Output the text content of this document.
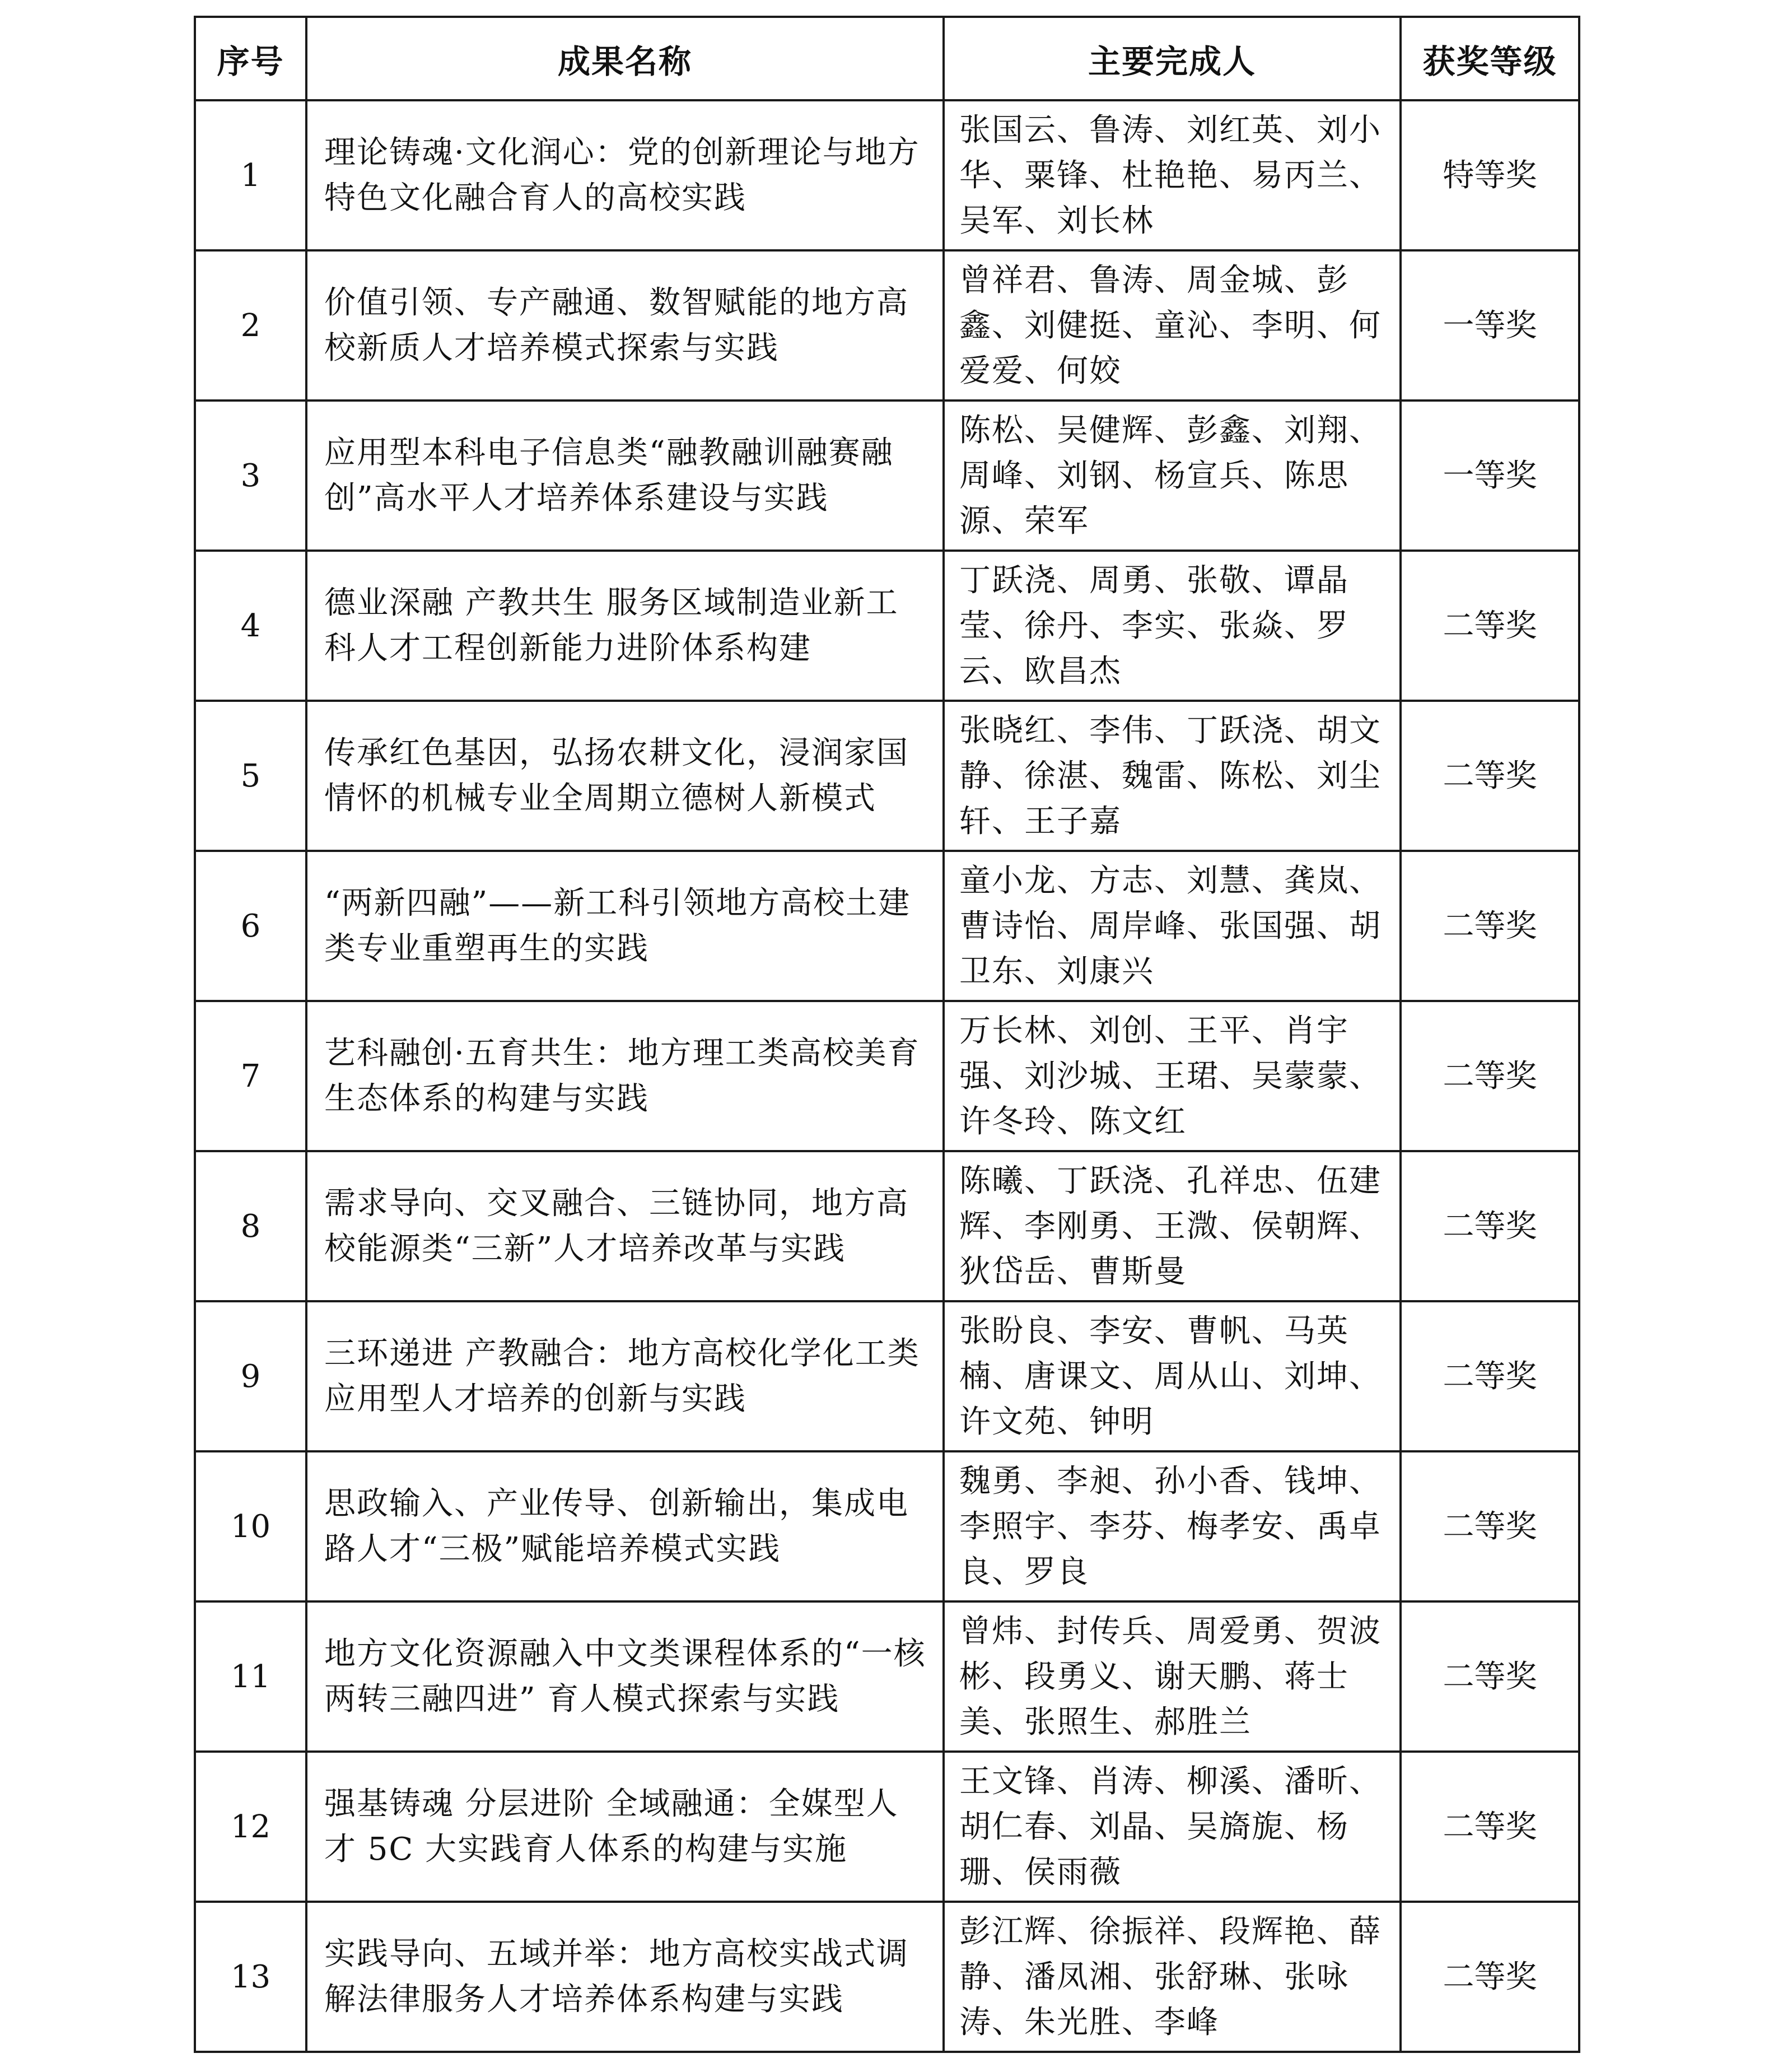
序号	成果名称	主要完成人	获奖等级
1	理论铸魂·文化润心：党的创新理论与地方特色文化融合育人的高校实践	张国云、鲁涛、刘红英、刘小华、粟锋、杜艳艳、易丙兰、吴军、刘长林	特等奖
2	价值引领、专产融通、数智赋能的地方高校新质人才培养模式探索与实践	曾祥君、鲁涛、周金城、彭鑫、刘健挺、童沁、李明、何爱爱、何姣	一等奖
3	应用型本科电子信息类“融教融训融赛融创”高水平人才培养体系建设与实践	陈松、吴健辉、彭鑫、刘翔、周峰、刘钢、杨宣兵、陈思源、荣军	一等奖
4	德业深融 产教共生 服务区域制造业新工科人才工程创新能力进阶体系构建	丁跃浇、周勇、张敬、谭晶莹、徐丹、李实、张焱、罗云、欧昌杰	二等奖
5	传承红色基因，弘扬农耕文化，浸润家国情怀的机械专业全周期立德树人新模式	张晓红、李伟、丁跃浇、胡文静、徐湛、魏雷、陈松、刘尘轩、王子嘉	二等奖
6	“两新四融”——新工科引领地方高校土建类专业重塑再生的实践	童小龙、方志、刘慧、龚岚、曹诗怡、周岸峰、张国强、胡卫东、刘康兴	二等奖
7	艺科融创·五育共生：地方理工类高校美育生态体系的构建与实践	万长林、刘创、王平、肖宇强、刘沙城、王珺、吴蒙蒙、许冬玲、陈文红	二等奖
8	需求导向、交叉融合、三链协同，地方高校能源类“三新”人才培养改革与实践	陈曦、丁跃浇、孔祥忠、伍建辉、李刚勇、王溦、侯朝辉、狄岱岳、曹斯曼	二等奖
9	三环递进 产教融合：地方高校化学化工类应用型人才培养的创新与实践	张盼良、李安、曹帆、马英楠、唐课文、周从山、刘坤、许文苑、钟明	二等奖
10	思政输入、产业传导、创新输出，集成电路人才“三极”赋能培养模式实践	魏勇、李昶、孙小香、钱坤、李照宇、李芬、梅孝安、禹卓良、罗良	二等奖
11	地方文化资源融入中文类课程体系的“一核两转三融四进” 育人模式探索与实践	曾炜、封传兵、周爱勇、贺波彬、段勇义、谢天鹏、蒋士美、张照生、郝胜兰	二等奖
12	强基铸魂 分层进阶 全域融通：全媒型人才 5C 大实践育人体系的构建与实施	王文锋、肖涛、柳溪、潘昕、胡仁春、刘晶、吴旖旎、杨珊、侯雨薇	二等奖
13	实践导向、五域并举：地方高校实战式调解法律服务人才培养体系构建与实践	彭江辉、徐振祥、段辉艳、薛静、潘凤湘、张舒琳、张咏涛、朱光胜、李峰	二等奖
